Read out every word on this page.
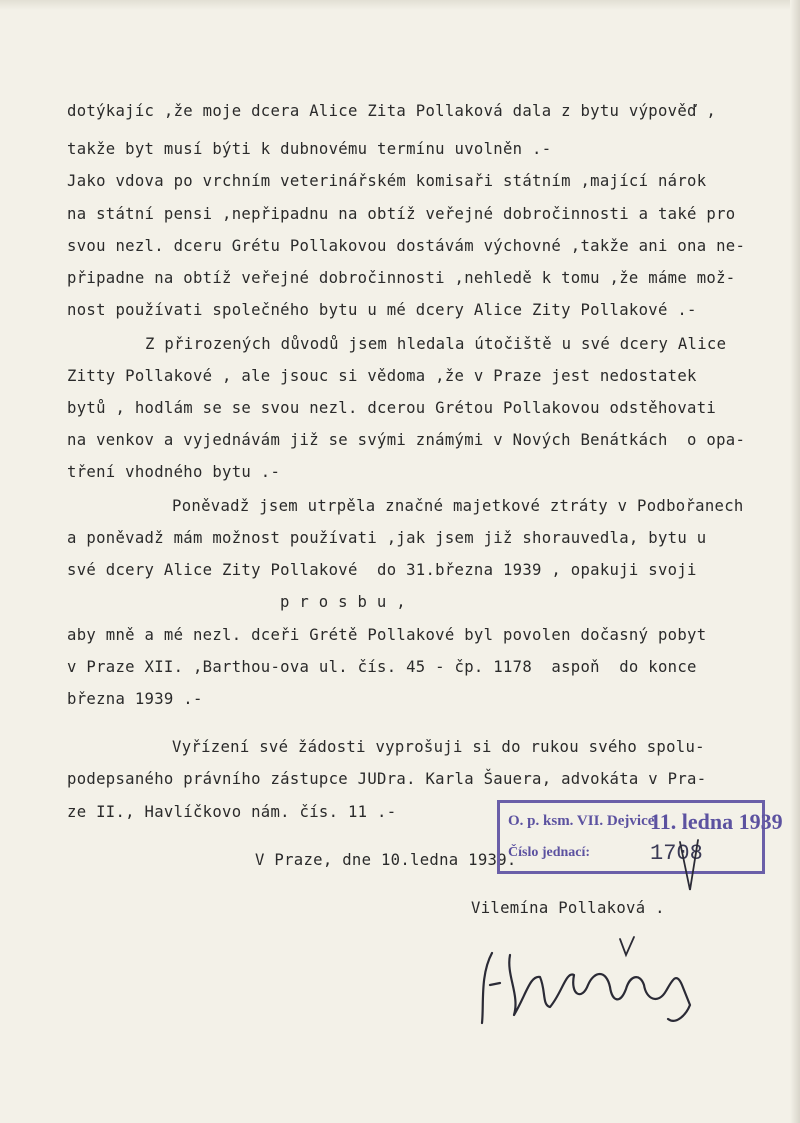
dotýkajíc ,že moje dcera Alice Zita Pollaková dala z bytu výpověď ,
takže byt musí býti k dubnovému termínu uvolněn .-
Jako vdova po vrchním veterinářském komisaři státním ,mající nárok
na státní pensi ,nepřipadnu na obtíž veřejné dobročinnosti a také pro
svou nezl. dceru Grétu Pollakovou dostávám výchovné ,takže ani ona ne-
připadne na obtíž veřejné dobročinnosti ,nehledě k tomu ,že máme mož-
nost používati společného bytu u mé dcery Alice Zity Pollakové .-
Z přirozených důvodů jsem hledala útočiště u své dcery Alice
Zitty Pollakové , ale jsouc si vědoma ,že v Praze jest nedostatek
bytů , hodlám se se svou nezl. dcerou Grétou Pollakovou odstěhovati
na venkov a vyjednávám již se svými známými v Nových Benátkách  o opa-
tření vhodného bytu .-
Poněvadž jsem utrpěla značné majetkové ztráty v Podbořanech
a poněvadž mám možnost používati ,jak jsem již shorauvedla, bytu u
své dcery Alice Zity Pollakové  do 31.března 1939 , opakuji svoji
p r o s b u ,
aby mně a mé nezl. dceři Grétě Pollakové byl povolen dočasný pobyt
v Praze XII. ,Barthou-ova ul. čís. 45 - čp. 1178  aspoň  do konce
března 1939 .-
Vyřízení své žádosti vyprošuji si do rukou svého spolu-
podepsaného právního zástupce JUDra. Karla Šauera, advokáta v Pra-
ze II., Havlíčkovo nám. čís. 11 .-
V Praze, dne 10.ledna 1939.
Vilemína Pollaková .
O. p. ksm. VII. Dejvice
11. ledna 1939
Číslo jednací:	1708
